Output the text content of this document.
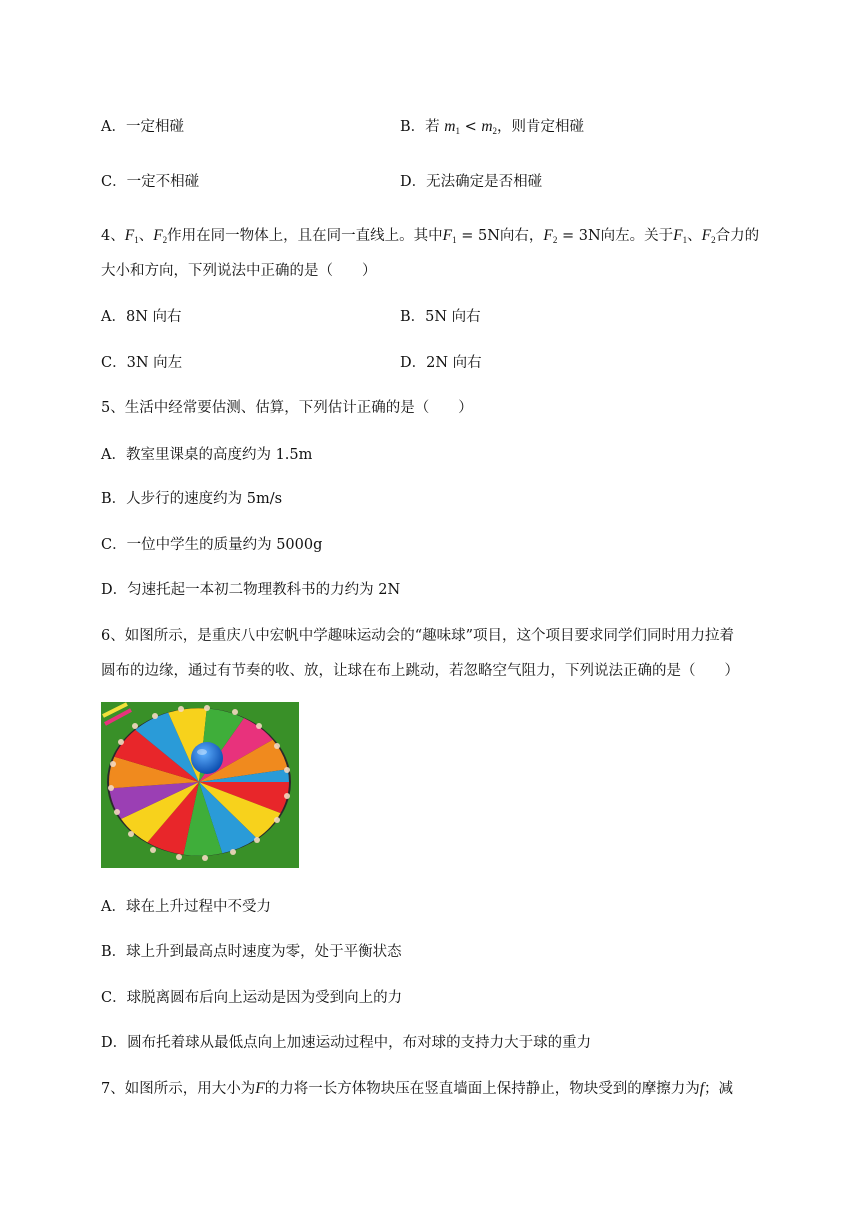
A．一定相碰	B．若 $m_1 < m_2$，则肯定相碰
C．一定不相碰	D．无法确定是否相碰
4、$F_1$、$F_2$作用在同一物体上，且在同一直线上。其中$F_1 = 5N$向右，$F_2 = 3N$向左。关于$F_1$、$F_2$合力的
大小和方向，下列说法中正确的是（　　）
A．8N 向右	B．5N 向右
C．3N 向左	D．2N 向右
5、生活中经常要估测、估算，下列估计正确的是（　　）
A．教室里课桌的高度约为 1.5m
B．人步行的速度约为 5m/s
C．一位中学生的质量约为 5000g
D．匀速托起一本初二物理教科书的力约为 2N
6、如图所示，是重庆八中宏帆中学趣味运动会的“趣味球”项目，这个项目要求同学们同时用力拉着
圆布的边缘，通过有节奏的收、放，让球在布上跳动，若忽略空气阻力，下列说法正确的是（　　）
A．球在上升过程中不受力
B．球上升到最高点时速度为零，处于平衡状态
C．球脱离圆布后向上运动是因为受到向上的力
D．圆布托着球从最低点向上加速运动过程中，布对球的支持力大于球的重力
7、如图所示，用大小为F的力将一长方体物块压在竖直墙面上保持静止，物块受到的摩擦力为f；减
